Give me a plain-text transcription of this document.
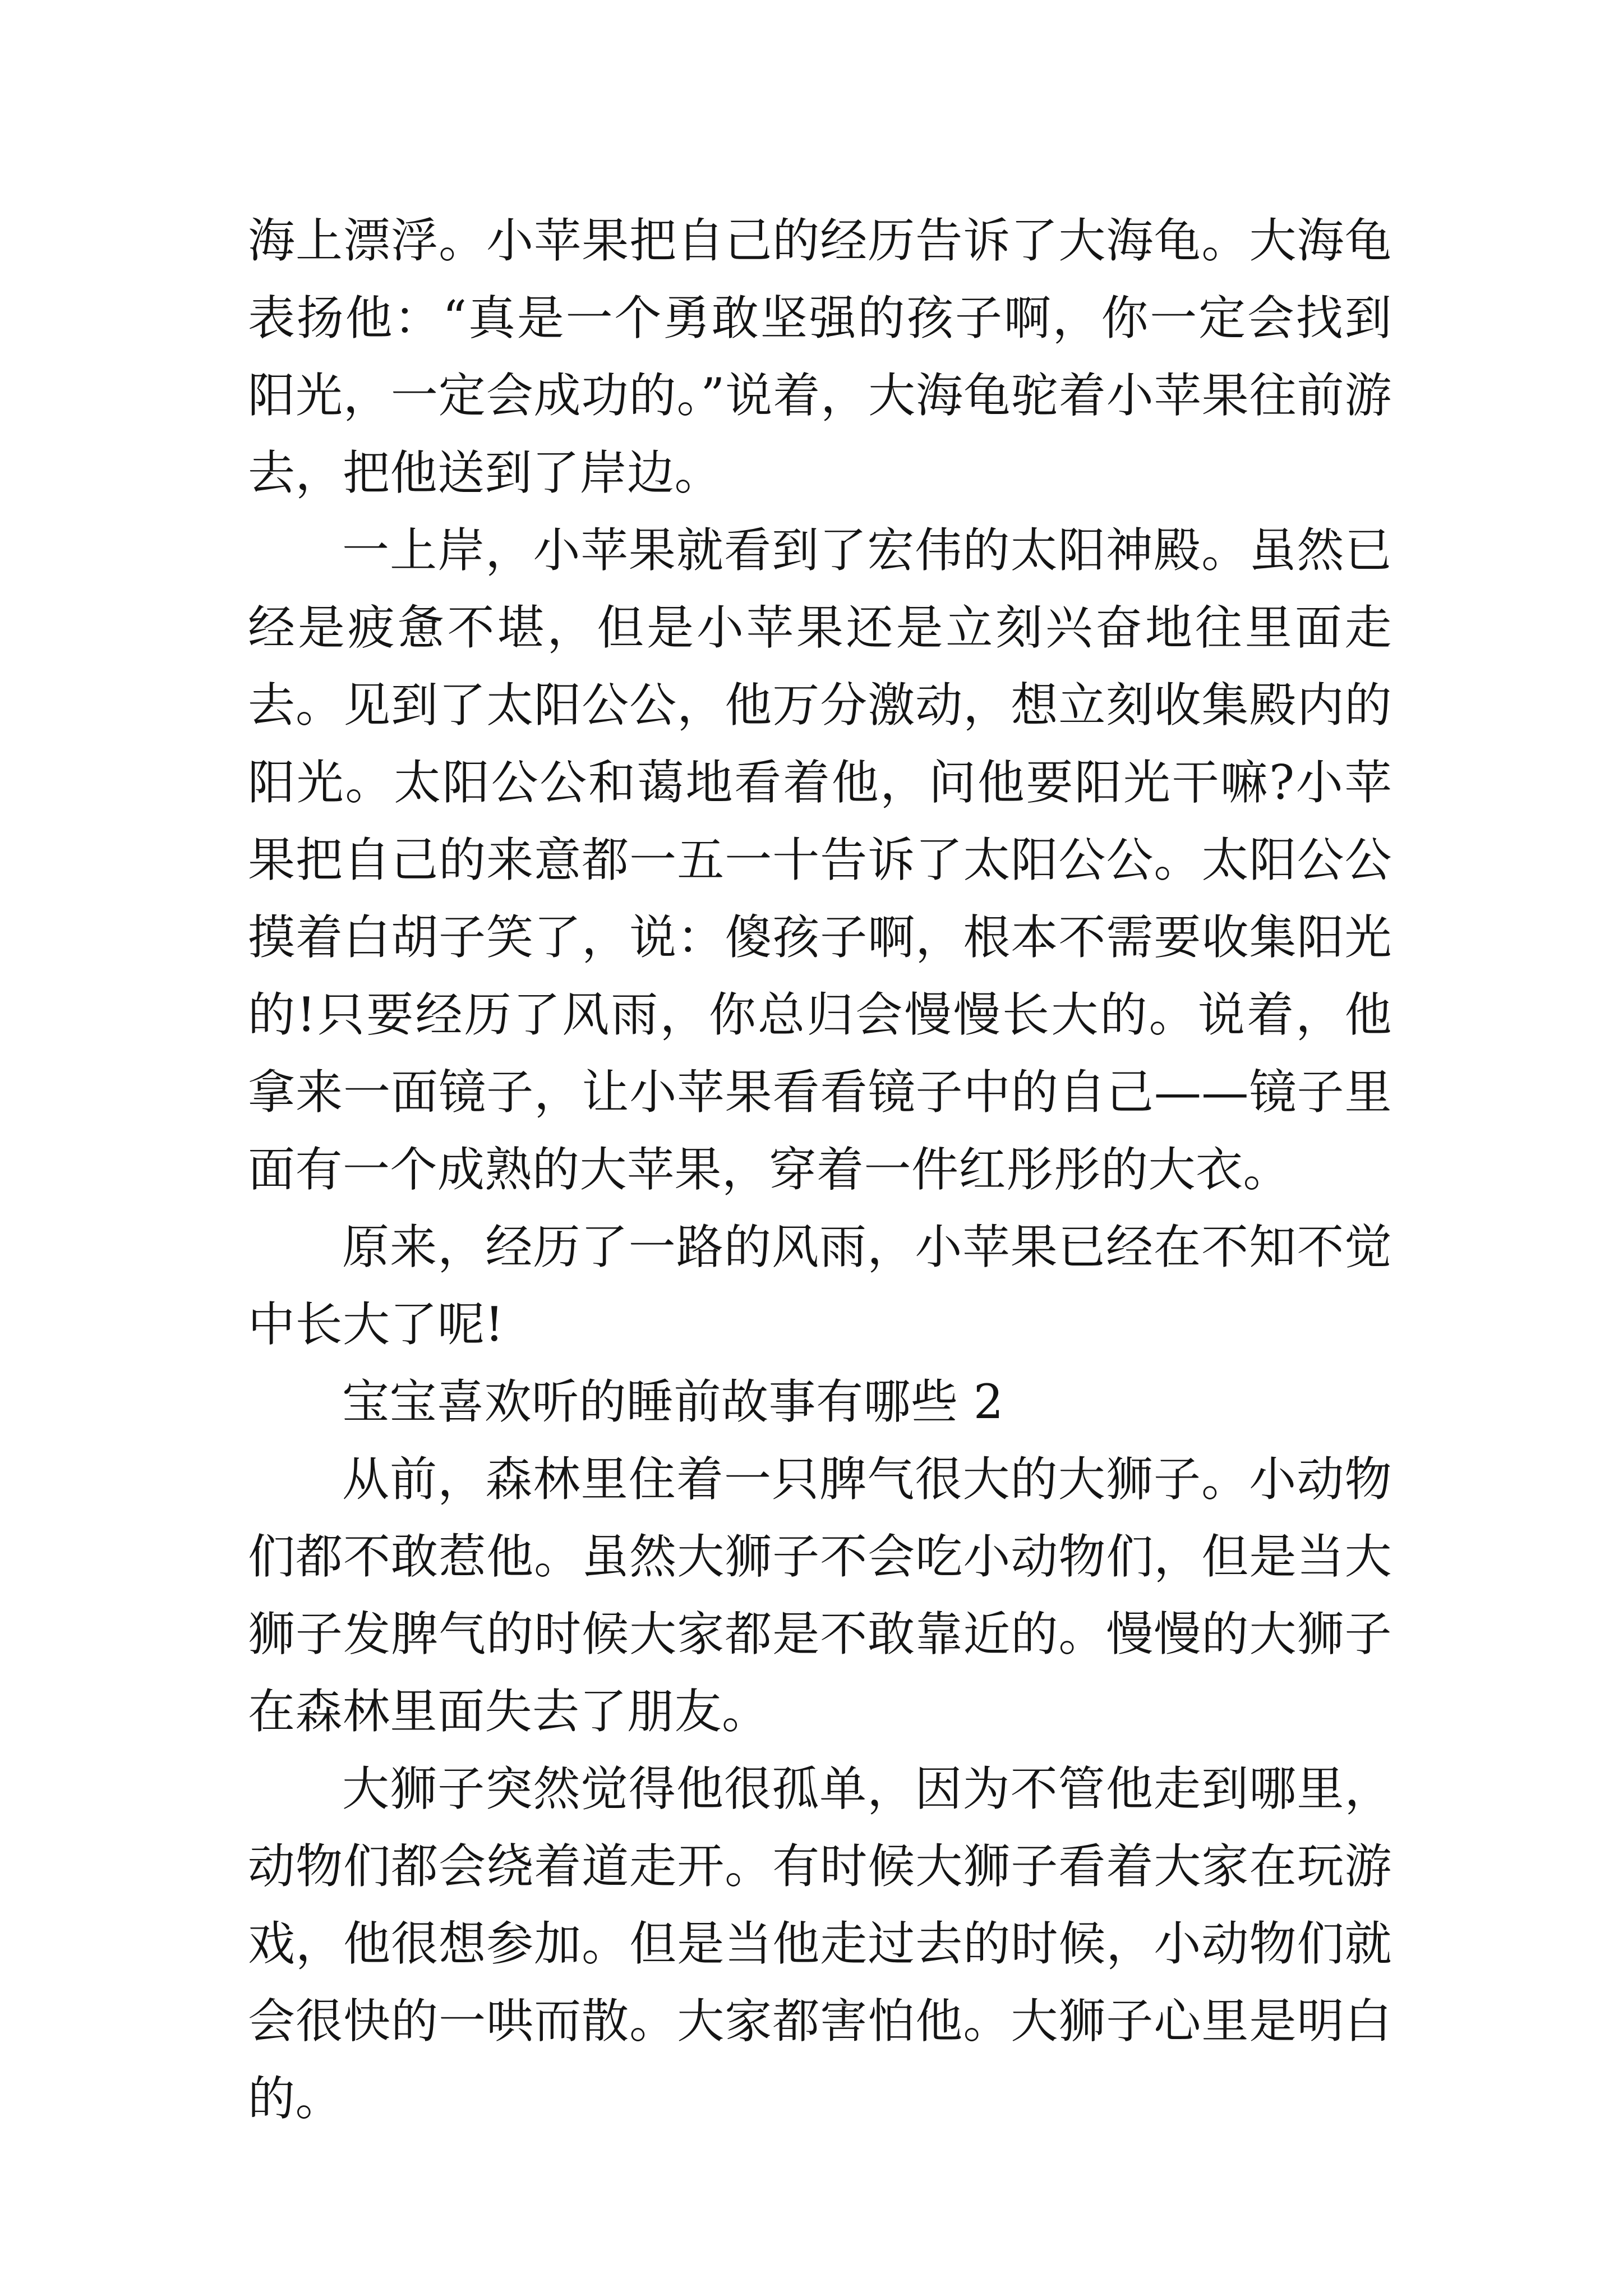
海上漂浮。小苹果把自己的经历告诉了大海龟。大海龟表扬他：“真是一个勇敢坚强的孩子啊，你一定会找到阳光，一定会成功的。”说着，大海龟驼着小苹果往前游去，把他送到了岸边。

一上岸，小苹果就看到了宏伟的太阳神殿。虽然已经是疲惫不堪，但是小苹果还是立刻兴奋地往里面走去。见到了太阳公公，他万分激动，想立刻收集殿内的阳光。太阳公公和蔼地看着他，问他要阳光干嘛?小苹果把自己的来意都一五一十告诉了太阳公公。太阳公公摸着白胡子笑了，说：傻孩子啊，根本不需要收集阳光的!只要经历了风雨，你总归会慢慢长大的。说着，他拿来一面镜子，让小苹果看看镜子中的自己——镜子里面有一个成熟的大苹果，穿着一件红彤彤的大衣。

原来，经历了一路的风雨，小苹果已经在不知不觉中长大了呢!

宝宝喜欢听的睡前故事有哪些 2

从前，森林里住着一只脾气很大的大狮子。小动物们都不敢惹他。虽然大狮子不会吃小动物们，但是当大狮子发脾气的时候大家都是不敢靠近的。慢慢的大狮子在森林里面失去了朋友。

大狮子突然觉得他很孤单，因为不管他走到哪里，动物们都会绕着道走开。有时候大狮子看着大家在玩游戏，他很想参加。但是当他走过去的时候，小动物们就会很快的一哄而散。大家都害怕他。大狮子心里是明白的。
